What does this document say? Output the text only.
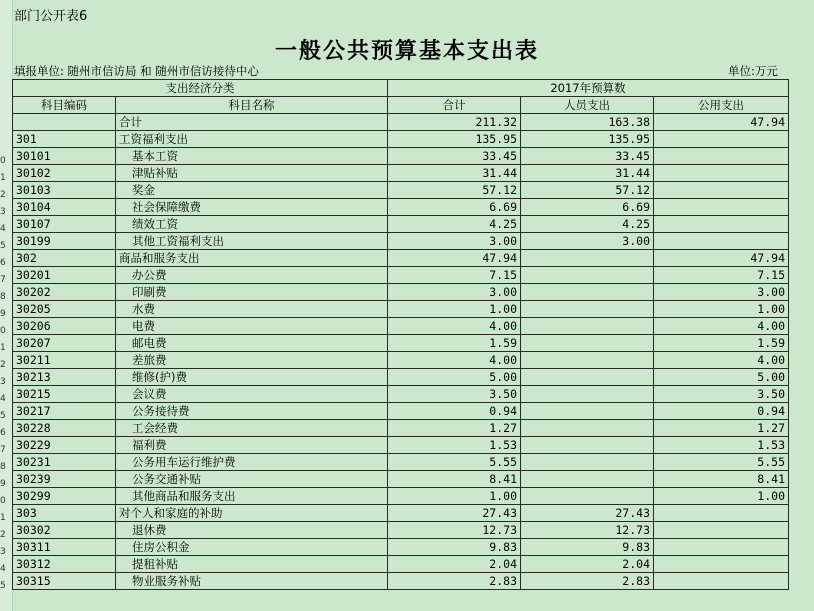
0
1
2
3
4
5
6
7
8
9
0
1
2
3
4
5
6
7
8
9
0
1
2
3
4
5
部门公开表6
一般公共预算基本支出表
填报单位: 随州市信访局 和 随州市信访接待中心	单位:万元
支出经济分类		2017年预算数		
科目编码	科目名称	合计	人员支出	公用支出
	合计	211.32	163.38	47.94
301	工资福利支出	135.95	135.95	
30101	基本工资	33.45	33.45	
30102	津贴补贴	31.44	31.44	
30103	奖金	57.12	57.12	
30104	社会保障缴费	6.69	6.69	
30107	绩效工资	4.25	4.25	
30199	其他工资福利支出	3.00	3.00	
302	商品和服务支出	47.94		47.94
30201	办公费	7.15		7.15
30202	印刷费	3.00		3.00
30205	水费	1.00		1.00
30206	电费	4.00		4.00
30207	邮电费	1.59		1.59
30211	差旅费	4.00		4.00
30213	维修(护)费	5.00		5.00
30215	会议费	3.50		3.50
30217	公务接待费	0.94		0.94
30228	工会经费	1.27		1.27
30229	福利费	1.53		1.53
30231	公务用车运行维护费	5.55		5.55
30239	公务交通补贴	8.41		8.41
30299	其他商品和服务支出	1.00		1.00
303	对个人和家庭的补助	27.43	27.43	
30302	退休费	12.73	12.73	
30311	住房公积金	9.83	9.83	
30312	提租补贴	2.04	2.04	
30315	物业服务补贴	2.83	2.83	
